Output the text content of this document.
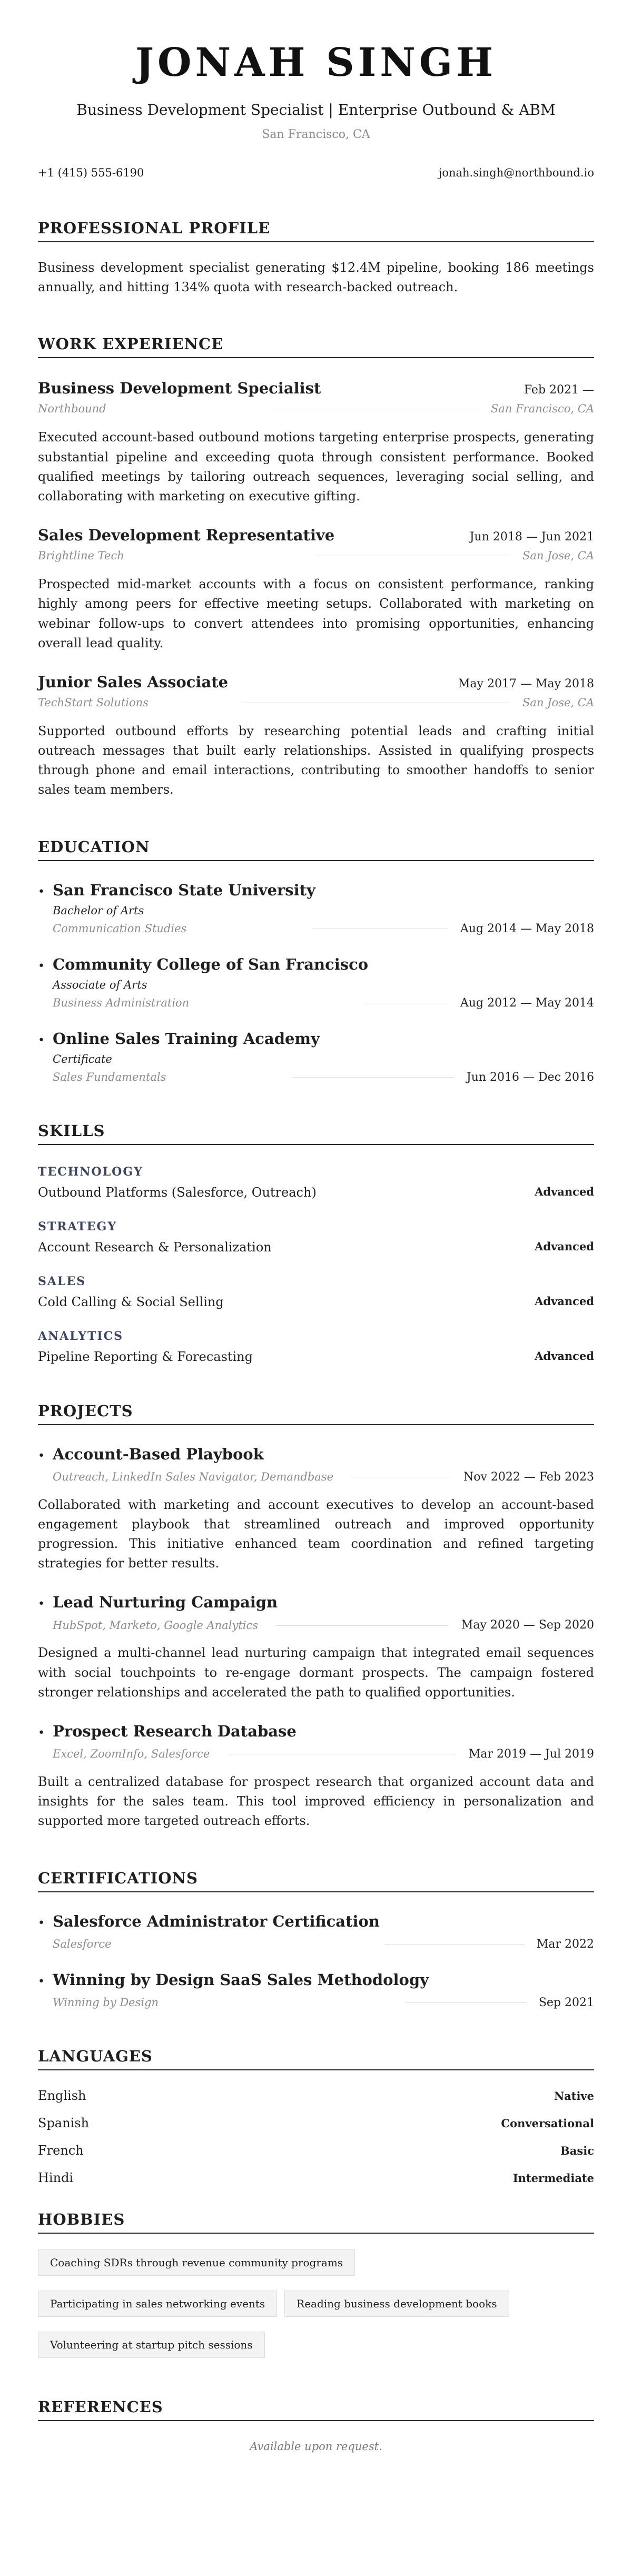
JONAH SINGH
Business Development Specialist | Enterprise Outbound & ABM
San Francisco, CA
+1 (415) 555-6190	jonah.singh@northbound.io
PROFESSIONAL PROFILE

Business development specialist generating $12.4M pipeline, booking 186 meetings annually, and hitting 134% quota with research-backed outreach.

WORK EXPERIENCE
Business Development Specialist	Feb 2021 —
Northbound	San Francisco, CA

Executed account-based outbound motions targeting enterprise prospects, generating substantial pipeline and exceeding quota through consistent performance. Booked qualified meetings by tailoring outreach sequences, leveraging social selling, and collaborating with marketing on executive gifting.

Sales Development Representative	Jun 2018 — Jun 2021
Brightline Tech	San Jose, CA

Prospected mid-market accounts with a focus on consistent performance, ranking highly among peers for effective meeting setups. Collaborated with marketing on webinar follow-ups to convert attendees into promising opportunities, enhancing overall lead quality.

Junior Sales Associate	May 2017 — May 2018
TechStart Solutions	San Jose, CA

Supported outbound efforts by researching potential leads and crafting initial outreach messages that built early relationships. Assisted in qualifying prospects through phone and email interactions, contributing to smoother handoffs to senior sales team members.

EDUCATION
• San Francisco State University
Bachelor of Arts
Communication Studies	Aug 2014 — May 2018
• Community College of San Francisco
Associate of Arts
Business Administration	Aug 2012 — May 2014
• Online Sales Training Academy
Certificate
Sales Fundamentals	Jun 2016 — Dec 2016
SKILLS
TECHNOLOGY
Outbound Platforms (Salesforce, Outreach)	Advanced
STRATEGY
Account Research & Personalization	Advanced
SALES
Cold Calling & Social Selling	Advanced
ANALYTICS
Pipeline Reporting & Forecasting	Advanced
PROJECTS
• Account-Based Playbook
Outreach, LinkedIn Sales Navigator, Demandbase	Nov 2022 — Feb 2023
Collaborated with marketing and account executives to develop an account-based engagement playbook that streamlined outreach and improved opportunity progression. This initiative enhanced team coordination and refined targeting strategies for better results.
• Lead Nurturing Campaign
HubSpot, Marketo, Google Analytics	May 2020 — Sep 2020
Designed a multi-channel lead nurturing campaign that integrated email sequences with social touchpoints to re-engage dormant prospects. The campaign fostered stronger relationships and accelerated the path to qualified opportunities.
• Prospect Research Database
Excel, ZoomInfo, Salesforce	Mar 2019 — Jul 2019
Built a centralized database for prospect research that organized account data and insights for the sales team. This tool improved efficiency in personalization and supported more targeted outreach efforts.
CERTIFICATIONS
• Salesforce Administrator Certification
Salesforce	Mar 2022
• Winning by Design SaaS Sales Methodology
Winning by Design	Sep 2021
LANGUAGES
English	Native
Spanish	Conversational
French	Basic
Hindi	Intermediate
HOBBIES
Coaching SDRs through revenue community programs
Participating in sales networking events	Reading business development books
Volunteering at startup pitch sessions
REFERENCES
Available upon request.
